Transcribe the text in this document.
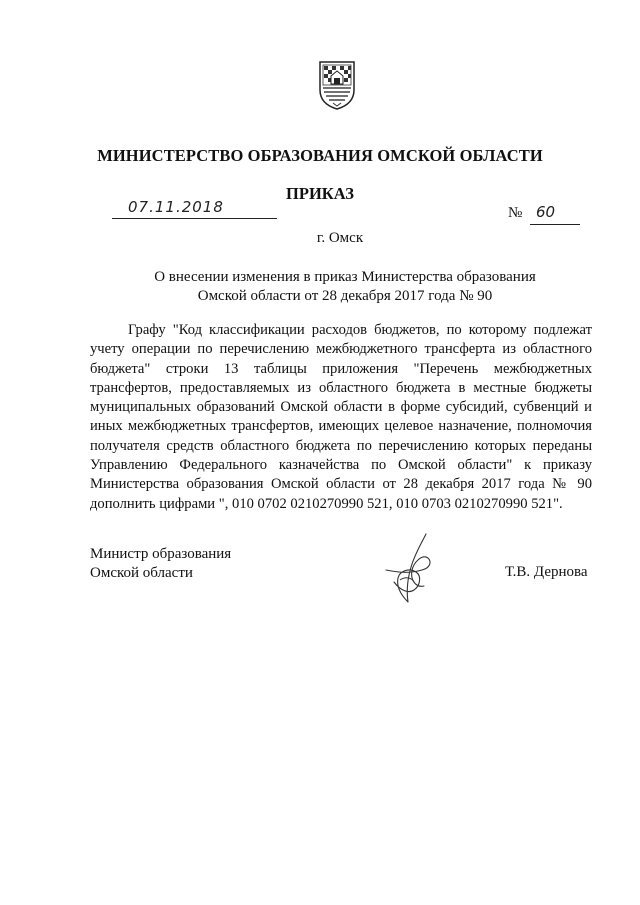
МИНИСТЕРСТВО ОБРАЗОВАНИЯ ОМСКОЙ ОБЛАСТИ
ПРИКАЗ
07.11.2018	№ 60
г. Омск
О внесении изменения в приказ Министерства образования
Омской области от 28 декабря 2017 года № 90

Графу "Код классификации расходов бюджетов, по которому подлежат учету операции по перечислению межбюджетного трансферта из областного бюджета" строки 13 таблицы приложения "Перечень межбюджетных трансфертов, предоставляемых из областного бюджета в местные бюджеты муниципальных образований Омской области в форме субсидий, субвенций и иных межбюджетных трансфертов, имеющих целевое назначение, полномочия получателя средств областного бюджета по перечислению которых переданы Управлению Федерального казначейства по Омской области" к приказу Министерства образования Омской области от 28 декабря 2017 года № 90 дополнить цифрами ", 010 0702 0210270990 521, 010 0703 0210270990 521".

Министр образования
Омской области	Т.В. Дернова
